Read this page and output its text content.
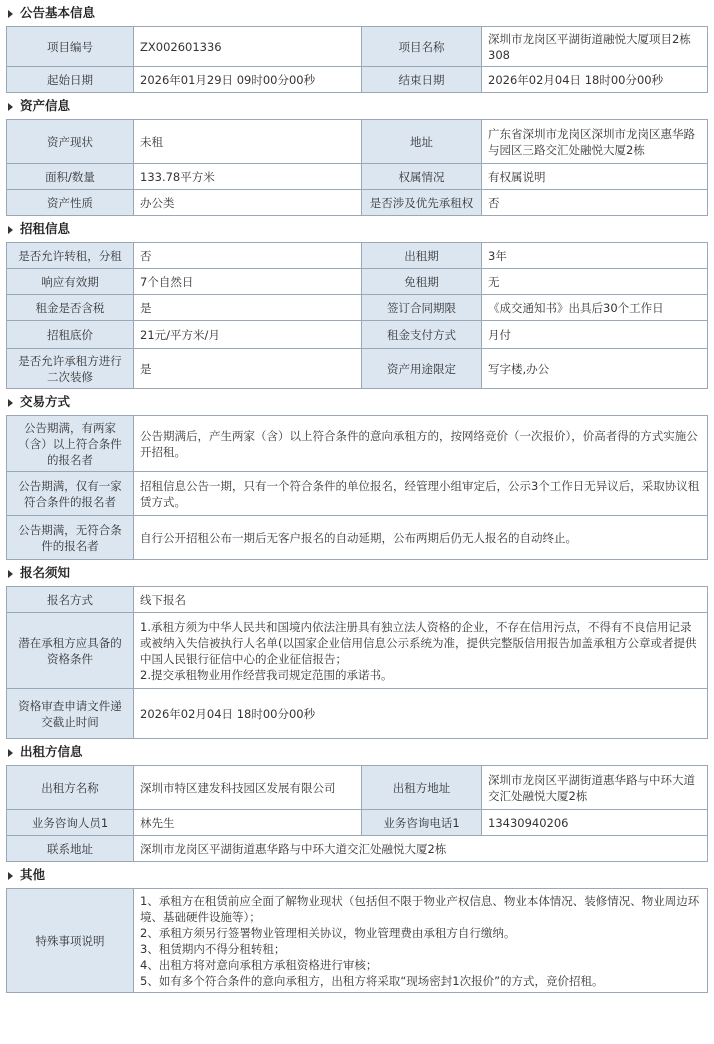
公告基本信息
项目编号	ZX002601336	项目名称	深圳市龙岗区平湖街道融悦大厦项目2栋308
起始日期	2026年01月29日 09时00分00秒	结束日期	2026年02月04日 18时00分00秒
资产信息
资产现状	未租	地址	广东省深圳市龙岗区深圳市龙岗区惠华路与园区三路交汇处融悦大厦2栋
面积/数量	133.78平方米	权属情况	有权属说明
资产性质	办公类	是否涉及优先承租权	否
招租信息
是否允许转租，分租	否	出租期	3年
响应有效期	7个自然日	免租期	无
租金是否含税	是	签订合同期限	《成交通知书》出具后30个工作日
招租底价	21元/平方米/月	租金支付方式	月付
是否允许承租方进行二次装修	是	资产用途限定	写字楼,办公
交易方式
公告期满，有两家（含）以上符合条件的报名者	公告期满后，产生两家（含）以上符合条件的意向承租方的，按网络竞价（一次报价），价高者得的方式实施公开招租。
公告期满，仅有一家符合条件的报名者	招租信息公告一期，只有一个符合条件的单位报名，经管理小组审定后，公示3个工作日无异议后，采取协议租赁方式。
公告期满，无符合条件的报名者	自行公开招租公布一期后无客户报名的自动延期，公布两期后仍无人报名的自动终止。
报名须知
报名方式	线下报名
潜在承租方应具备的资格条件	1.承租方须为中华人民共和国境内依法注册具有独立法人资格的企业，不存在信用污点，不得有不良信用记录或被纳入失信被执行人名单(以国家企业信用信息公示系统为准，提供完整版信用报告加盖承租方公章或者提供中国人民银行征信中心的企业征信报告；
2.提交承租物业用作经营我司规定范围的承诺书。

资格审查申请文件递交截止时间	2026年02月04日 18时00分00秒
出租方信息
出租方名称	深圳市特区建发科技园区发展有限公司	出租方地址	深圳市龙岗区平湖街道惠华路与中环大道交汇处融悦大厦2栋
业务咨询人员1	林先生	业务咨询电话1	13430940206
联系地址	深圳市龙岗区平湖街道惠华路与中环大道交汇处融悦大厦2栋		
其他
特殊事项说明	
1、承租方在租赁前应全面了解物业现状（包括但不限于物业产权信息、物业本体情况、装修情况、物业周边环境、基础硬件设施等）；
2、承租方须另行签署物业管理相关协议，物业管理费由承租方自行缴纳。
3、租赁期内不得分租转租；
4、出租方将对意向承租方承租资格进行审核；
5、如有多个符合条件的意向承租方，出租方将采取“现场密封1次报价”的方式，竞价招租。
